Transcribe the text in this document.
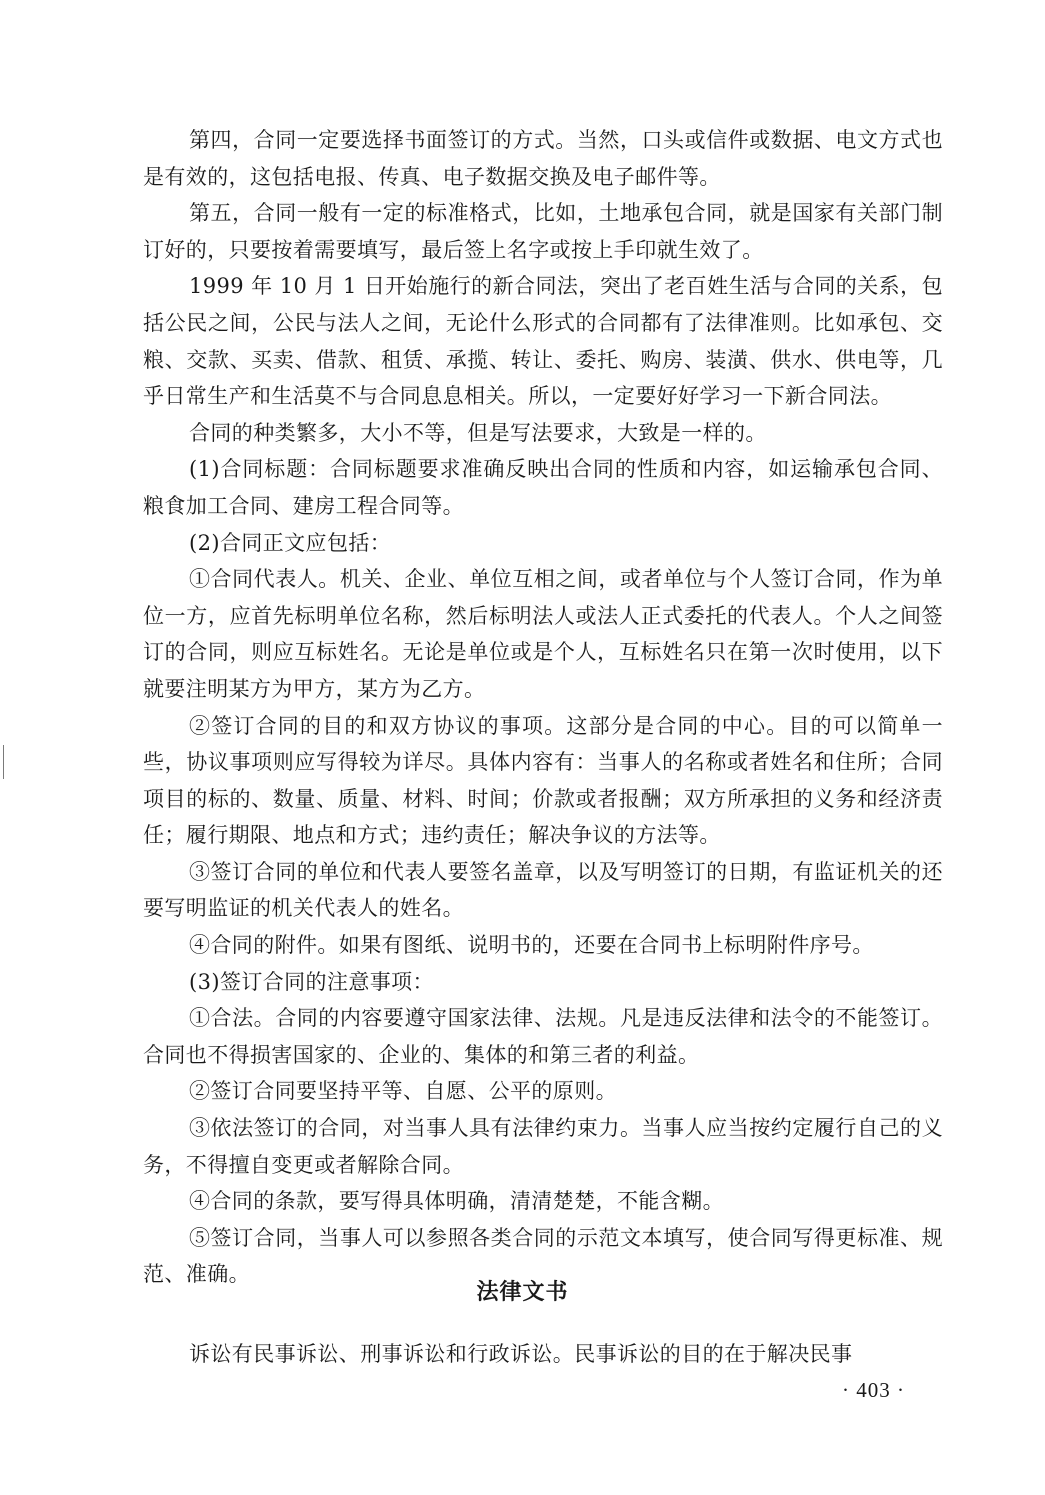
第四，合同一定要选择书面签订的方式。当然，口头或信件或数据、电文方式也是有效的，这包括电报、传真、电子数据交换及电子邮件等。

第五，合同一般有一定的标准格式，比如，土地承包合同，就是国家有关部门制订好的，只要按着需要填写，最后签上名字或按上手印就生效了。

1999 年 10 月 1 日开始施行的新合同法，突出了老百姓生活与合同的关系，包括公民之间，公民与法人之间，无论什么形式的合同都有了法律准则。比如承包、交粮、交款、买卖、借款、租赁、承揽、转让、委托、购房、装潢、供水、供电等，几乎日常生产和生活莫不与合同息息相关。所以，一定要好好学习一下新合同法。

合同的种类繁多，大小不等，但是写法要求，大致是一样的。

(1)合同标题：合同标题要求准确反映出合同的性质和内容，如运输承包合同、粮食加工合同、建房工程合同等。

(2)合同正文应包括：

①合同代表人。机关、企业、单位互相之间，或者单位与个人签订合同，作为单位一方，应首先标明单位名称，然后标明法人或法人正式委托的代表人。个人之间签订的合同，则应互标姓名。无论是单位或是个人，互标姓名只在第一次时使用，以下就要注明某方为甲方，某方为乙方。

②签订合同的目的和双方协议的事项。这部分是合同的中心。目的可以简单一些，协议事项则应写得较为详尽。具体内容有：当事人的名称或者姓名和住所；合同项目的标的、数量、质量、材料、时间；价款或者报酬；双方所承担的义务和经济责任；履行期限、地点和方式；违约责任；解决争议的方法等。

③签订合同的单位和代表人要签名盖章，以及写明签订的日期，有监证机关的还要写明监证的机关代表人的姓名。

④合同的附件。如果有图纸、说明书的，还要在合同书上标明附件序号。

(3)签订合同的注意事项：

①合法。合同的内容要遵守国家法律、法规。凡是违反法律和法令的不能签订。合同也不得损害国家的、企业的、集体的和第三者的利益。

②签订合同要坚持平等、自愿、公平的原则。

③依法签订的合同，对当事人具有法律约束力。当事人应当按约定履行自己的义务，不得擅自变更或者解除合同。

④合同的条款，要写得具体明确，清清楚楚，不能含糊。

⑤签订合同，当事人可以参照各类合同的示范文本填写，使合同写得更标准、规范、准确。

法律文书

诉讼有民事诉讼、刑事诉讼和行政诉讼。民事诉讼的目的在于解决民事

· 403 ·
